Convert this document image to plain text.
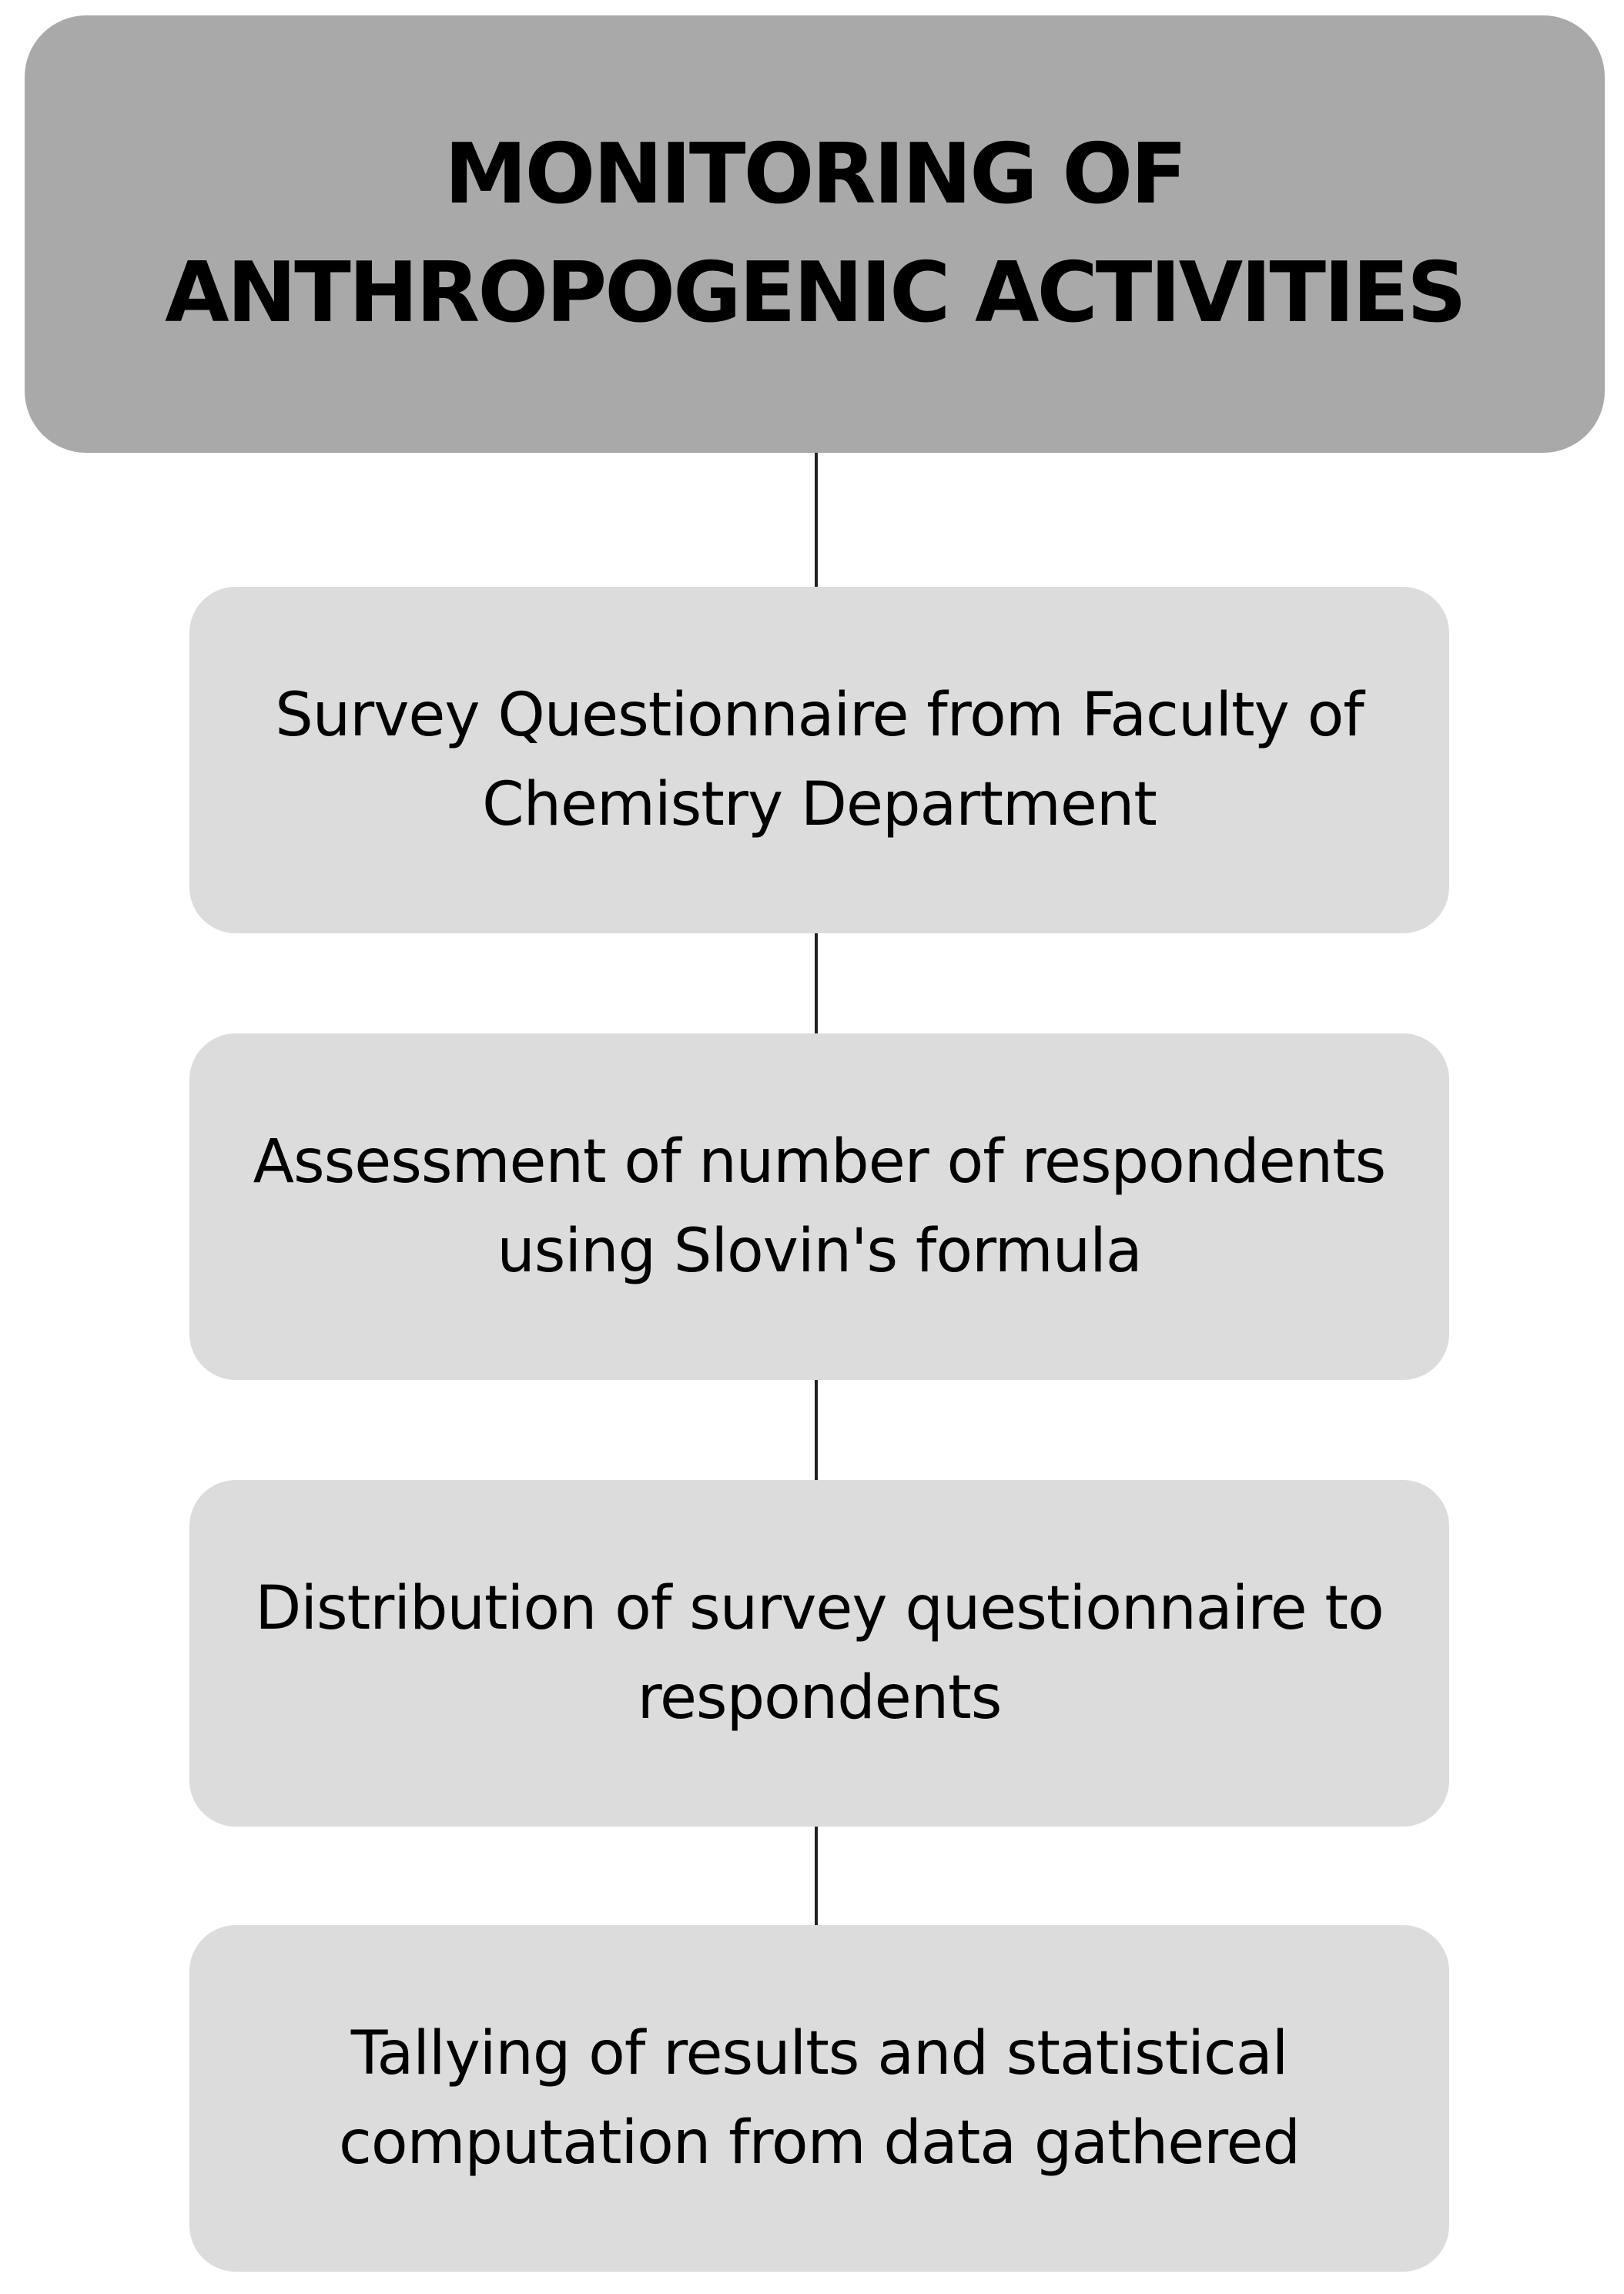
MONITORING OF
ANTHROPOGENIC ACTIVITIES
Survey Questionnaire from Faculty of
Chemistry Department
Assessment of number of respondents
using Slovin's formula
Distribution of survey questionnaire to
respondents
Tallying of results and statistical
computation from data gathered
